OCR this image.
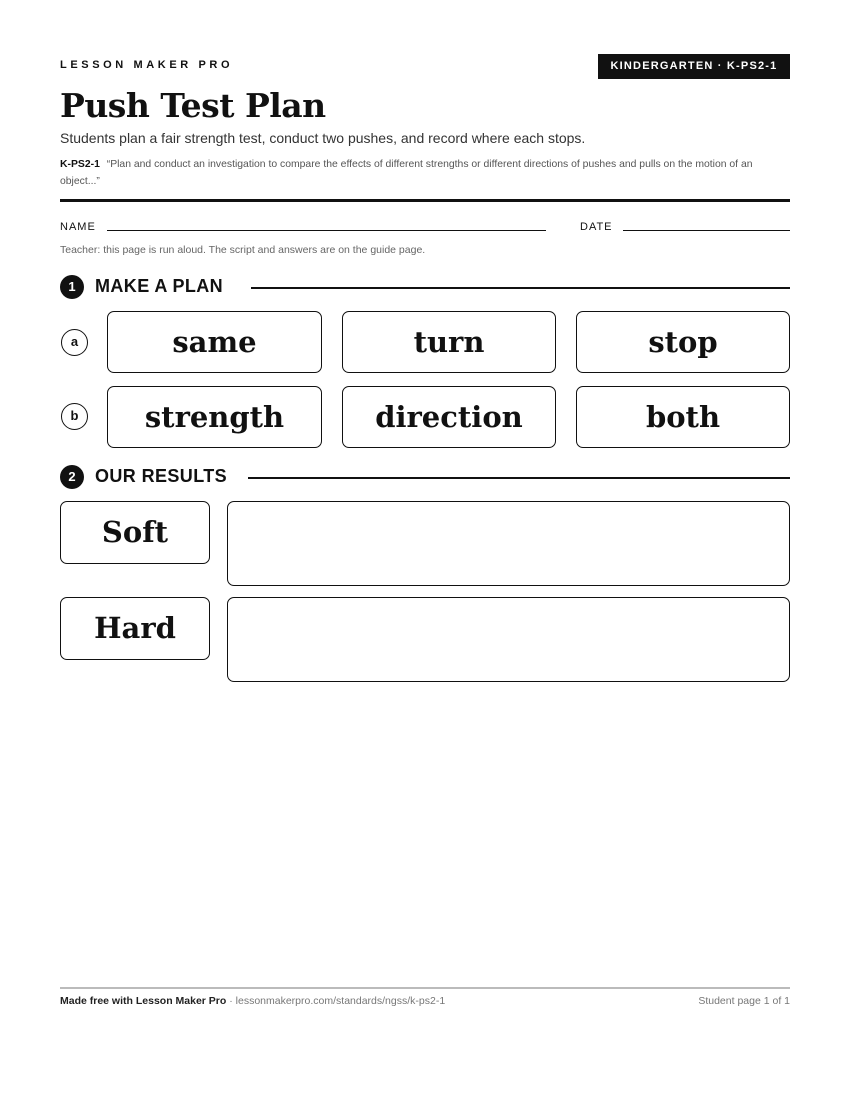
LESSON MAKER PRO	KINDERGARTEN · K-PS2-1
Push Test Plan

Students plan a fair strength test, conduct two pushes, and record where each stops.

K-PS2-1 “Plan and conduct an investigation to compare the effects of different strengths or different directions of pushes and pulls on the motion of an object...”

NAME	DATE

Teacher: this page is run aloud. The script and answers are on the guide page.

1	MAKE A PLAN
a	same	turn	stop
b	strength	direction	both
2	OUR RESULTS
Soft
Hard
Made free with Lesson Maker Pro · lessonmakerpro.com/standards/ngss/k-ps2-1	Student page 1 of 1
